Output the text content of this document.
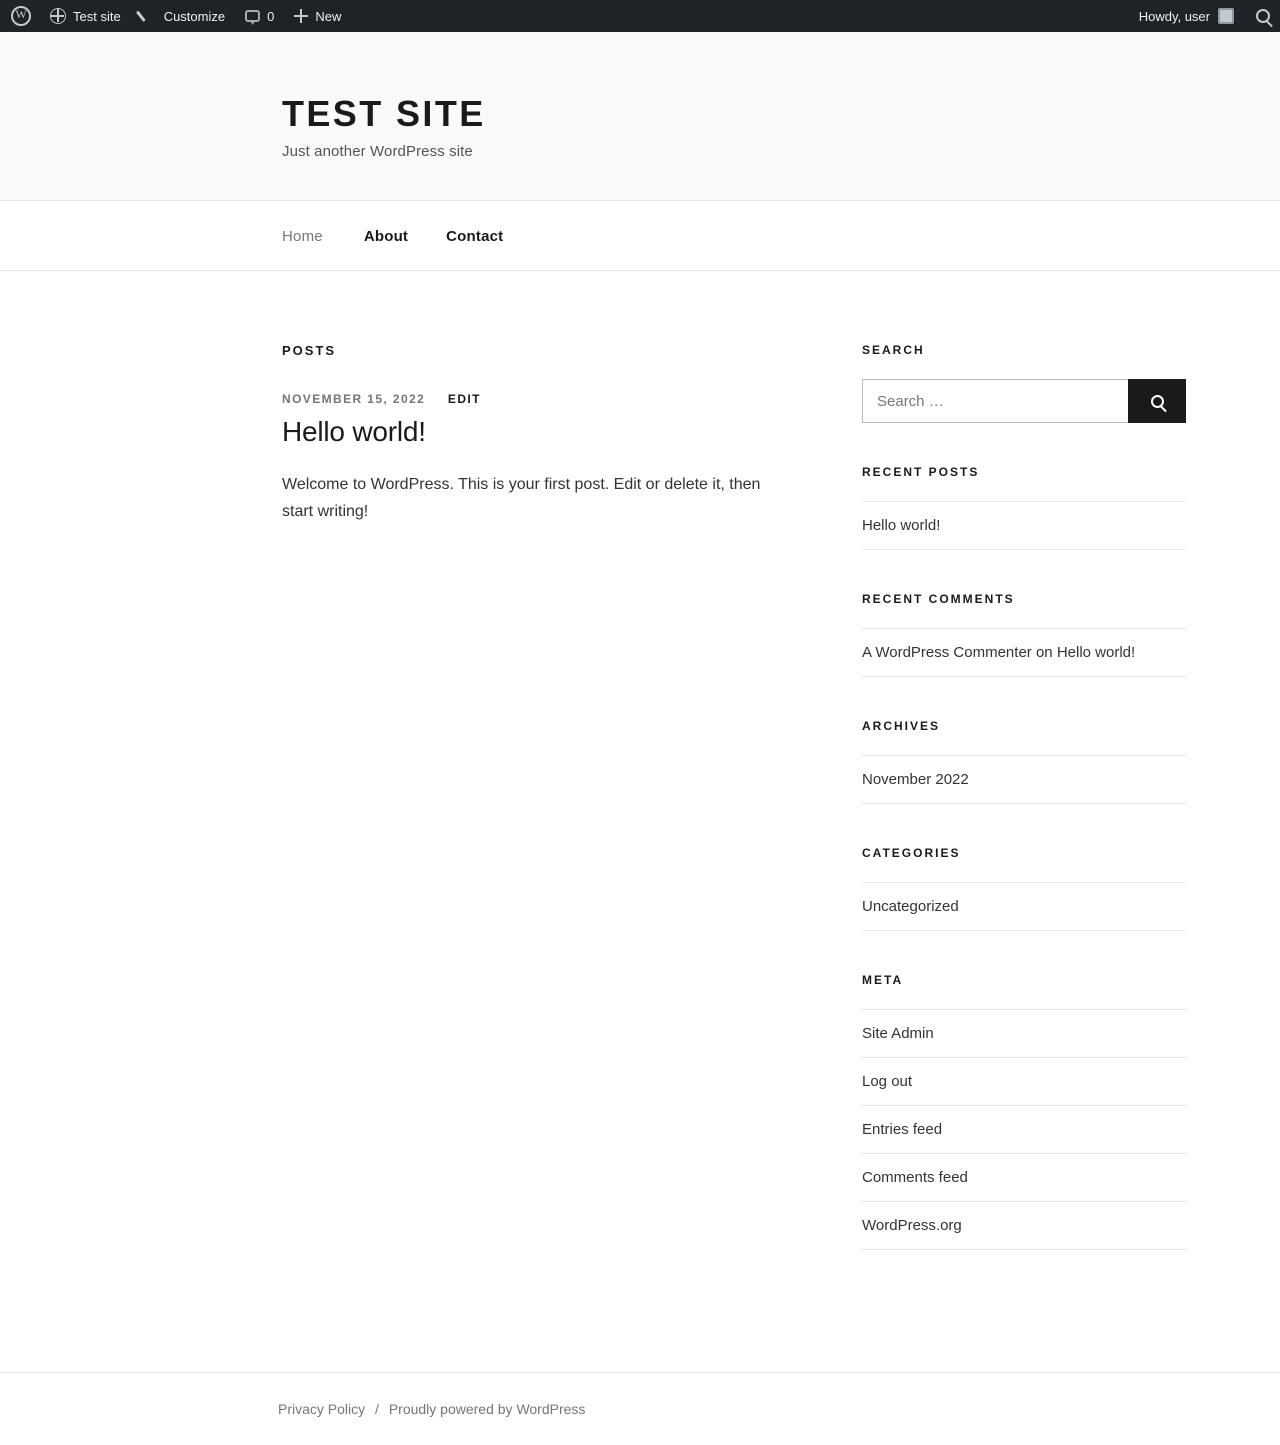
W
Test site	Customize	0	New	Howdy, user
TEST SITE

Just another WordPress site

Home	About	Contact
POSTS
NOVEMBER 15, 2022 EDIT
Hello world!

Welcome to WordPress. This is your first post. Edit or delete it, then start writing!

SEARCH
Search …
RECENT POSTS
Hello world!
RECENT COMMENTS
A WordPress Commenter on Hello world!
ARCHIVES
November 2022
CATEGORIES
Uncategorized
META
Site Admin
Log out
Entries feed
Comments feed
WordPress.org
Privacy Policy / Proudly powered by WordPress
